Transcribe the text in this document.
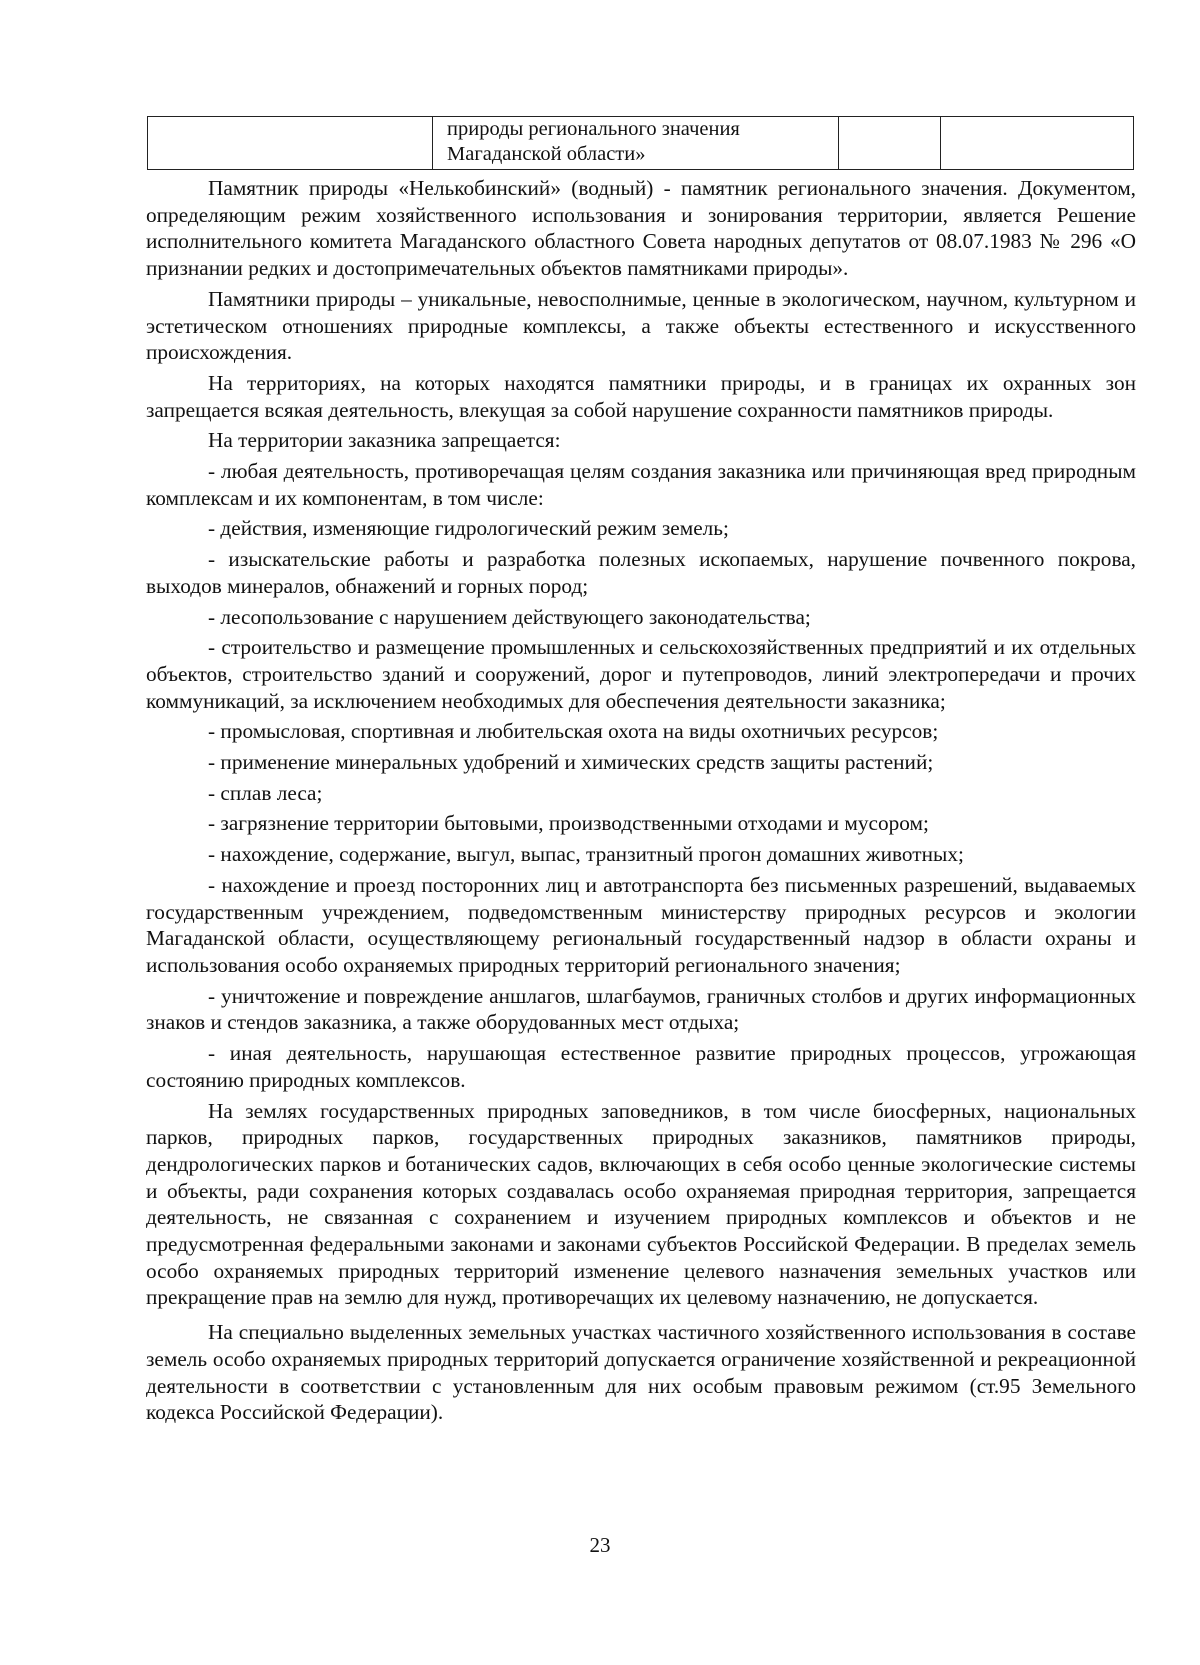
природы регионального значения
Магаданской области»

Памятник природы «Нелькобинский» (водный) - памятник регионального значения. Документом, определяющим режим хозяйственного использования и зонирования территории, является Решение исполнительного комитета Магаданского областного Совета народных депутатов от 08.07.1983 № 296 «О признании редких и достопримечательных объектов памятниками природы».

Памятники природы – уникальные, невосполнимые, ценные в экологическом, научном, культурном и эстетическом отношениях природные комплексы, а также объекты естественного и искусственного происхождения.

На территориях, на которых находятся памятники природы, и в границах их охранных зон запрещается всякая деятельность, влекущая за собой нарушение сохранности памятников природы.

На территории заказника запрещается:

- любая деятельность, противоречащая целям создания заказника или причиняющая вред природным комплексам и их компонентам, в том числе:

- действия, изменяющие гидрологический режим земель;

- изыскательские работы и разработка полезных ископаемых, нарушение почвенного покрова, выходов минералов, обнажений и горных пород;

- лесопользование с нарушением действующего законодательства;

- строительство и размещение промышленных и сельскохозяйственных предприятий и их отдельных объектов, строительство зданий и сооружений, дорог и путепроводов, линий электропередачи и прочих коммуникаций, за исключением необходимых для обеспечения деятельности заказника;

- промысловая, спортивная и любительская охота на виды охотничьих ресурсов;

- применение минеральных удобрений и химических средств защиты растений;

- сплав леса;

- загрязнение территории бытовыми, производственными отходами и мусором;

- нахождение, содержание, выгул, выпас, транзитный прогон домашних животных;

- нахождение и проезд посторонних лиц и автотранспорта без письменных разрешений, выдаваемых государственным учреждением, подведомственным министерству природных ресурсов и экологии Магаданской области, осуществляющему региональный государственный надзор в области охраны и использования особо охраняемых природных территорий регионального значения;

- уничтожение и повреждение аншлагов, шлагбаумов, граничных столбов и других информационных знаков и стендов заказника, а также оборудованных мест отдыха;

- иная деятельность, нарушающая естественное развитие природных процессов, угрожающая состоянию природных комплексов.

На землях государственных природных заповедников, в том числе биосферных, национальных парков, природных парков, государственных природных заказников, памятников природы, дендрологических парков и ботанических садов, включающих в себя особо ценные экологические системы и объекты, ради сохранения которых создавалась особо охраняемая природная территория, запрещается деятельность, не связанная с сохранением и изучением природных комплексов и объектов и не предусмотренная федеральными законами и законами субъектов Российской Федерации. В пределах земель особо охраняемых природных территорий изменение целевого назначения земельных участков или прекращение прав на землю для нужд, противоречащих их целевому назначению, не допускается.

На специально выделенных земельных участках частичного хозяйственного использования в составе земель особо охраняемых природных территорий допускается ограничение хозяйственной и рекреационной деятельности в соответствии с установленным для них особым правовым режимом (ст.95 Земельного кодекса Российской Федерации).

23
